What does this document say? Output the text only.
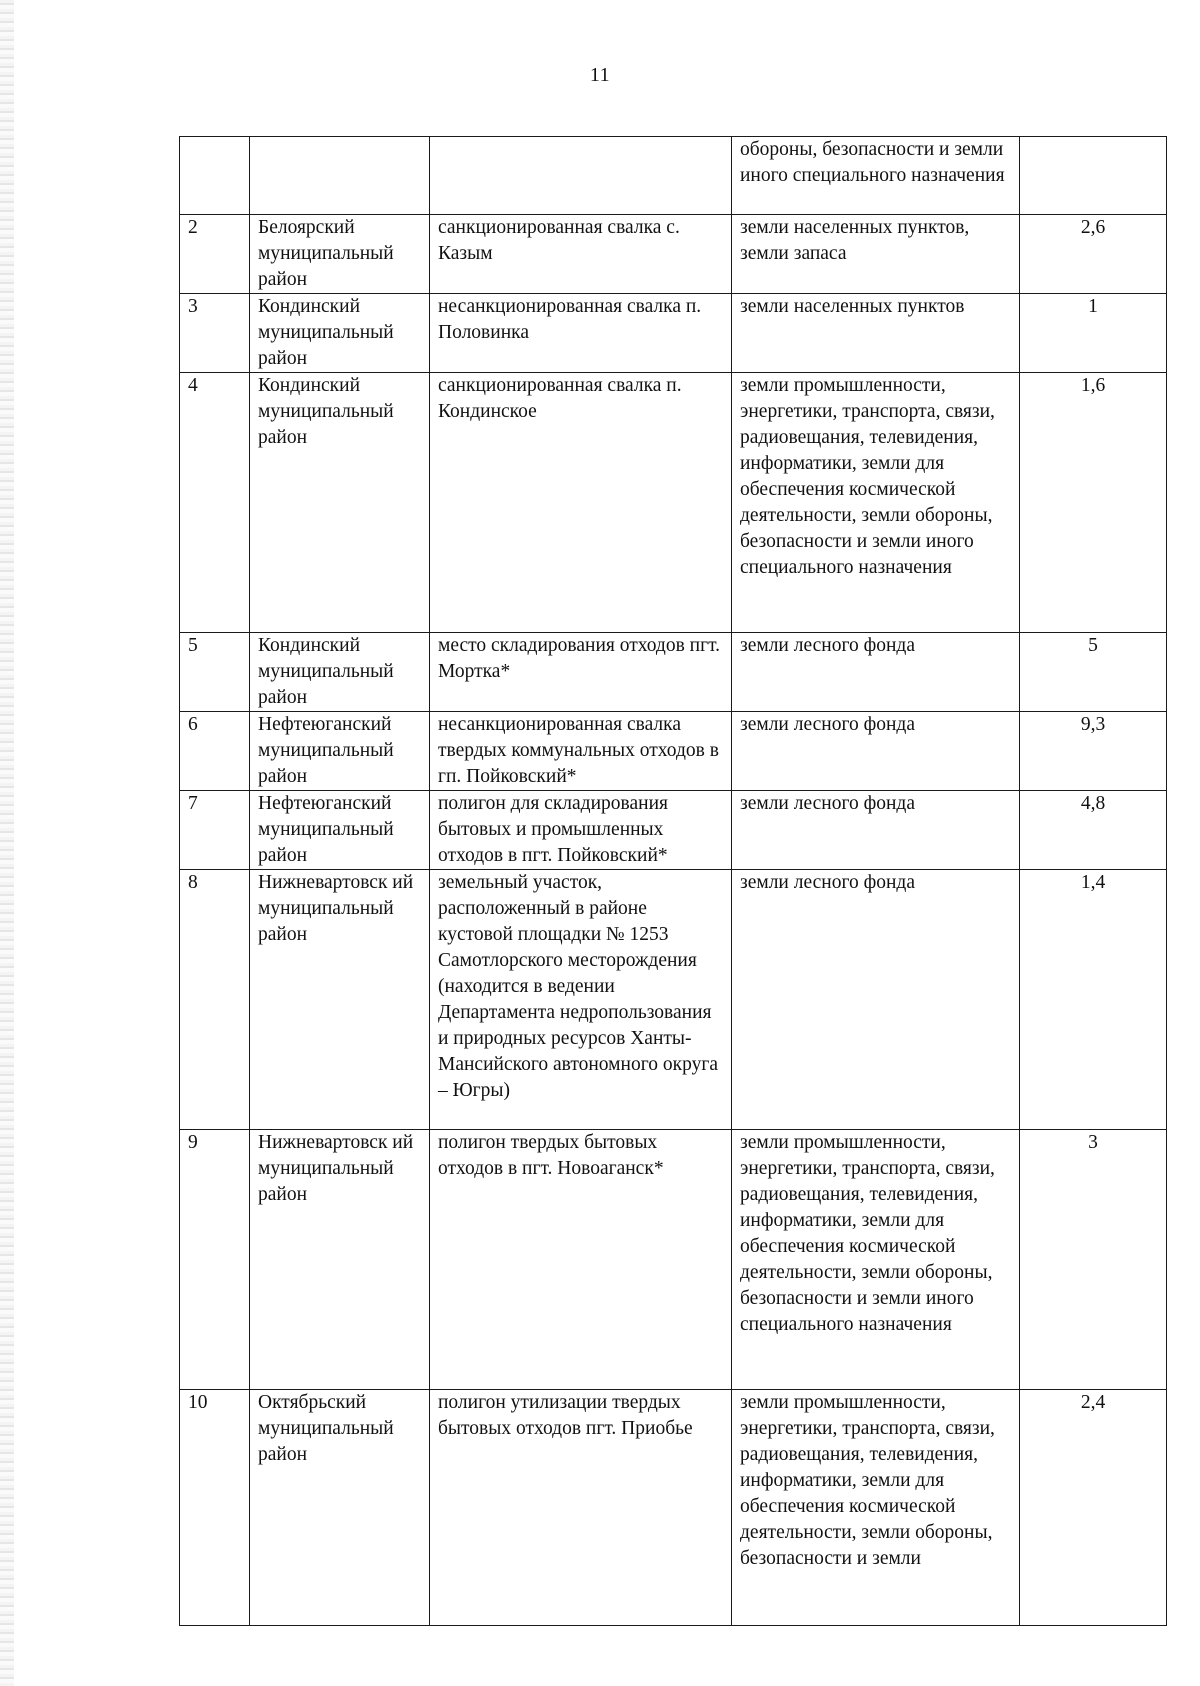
11
			обороны, безопасности и земли иного специального назначения	
2	Белоярский муниципальный район	санкционированная свалка с. Казым	земли населенных пунктов, земли запаса	2,6
3	Кондинский муниципальный район	несанкционированная свалка п. Половинка	земли населенных пунктов	1
4	Кондинский муниципальный район	санкционированная свалка п. Кондинское	земли промышленности, энергетики, транспорта, связи, радиовещания, телевидения, информатики, земли для обеспечения космической деятельности, земли обороны, безопасности и земли иного специального назначения	1,6
5	Кондинский муниципальный район	место складирования отходов пгт. Мортка*	земли лесного фонда	5
6	Нефтеюганский муниципальный район	несанкционированная свалка твердых коммунальных отходов в гп. Пойковский*	земли лесного фонда	9,3
7	Нефтеюганский муниципальный район	полигон для складирования бытовых и промышленных отходов в пгт. Пойковский*	земли лесного фонда	4,8
8	Нижневартовск ий муниципальный район	земельный участок, расположенный в районе кустовой площадки № 1253 Самотлорского месторождения (находится в ведении Департамента недропользования и природных ресурсов Ханты-Мансийского автономного округа – Югры)	земли лесного фонда	1,4
9	Нижневартовск ий муниципальный район	полигон твердых бытовых отходов в пгт. Новоаганск*	земли промышленности, энергетики, транспорта, связи, радиовещания, телевидения, информатики, земли для обеспечения космической деятельности, земли обороны, безопасности и земли иного специального назначения	3
10	Октябрьский муниципальный район	полигон утилизации твердых бытовых отходов пгт. Приобье	земли промышленности, энергетики, транспорта, связи, радиовещания, телевидения, информатики, земли для обеспечения космической деятельности, земли обороны, безопасности и земли	2,4
